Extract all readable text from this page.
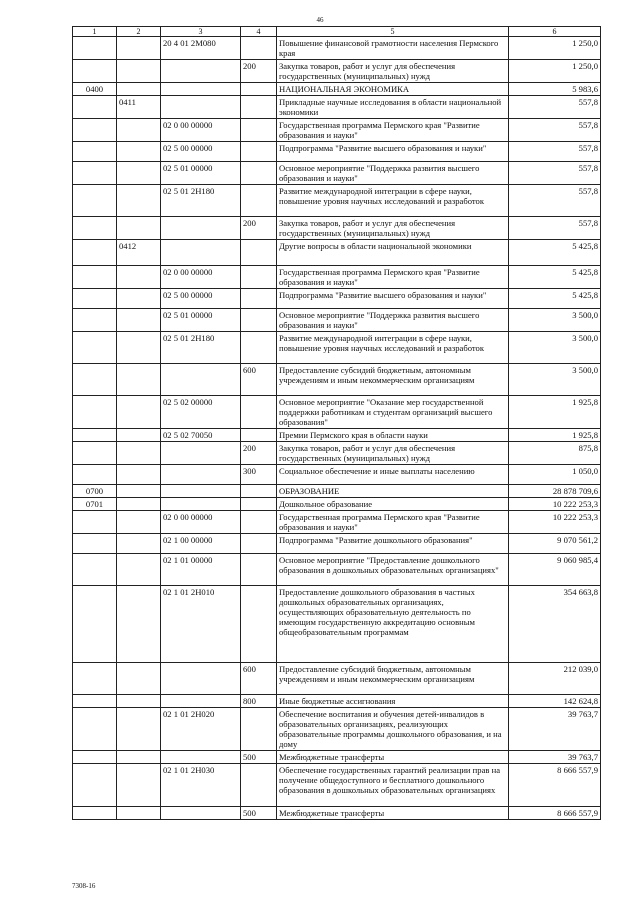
46
1	2	3	4	5	6
		20 4 01 2М080		Повышение финансовой грамотности населения Пермского края	1 250,0
			200	Закупка товаров, работ и услуг для обеспечения государственных (муниципальных) нужд	1 250,0
0400				НАЦИОНАЛЬНАЯ ЭКОНОМИКА	5 983,6
	0411			Прикладные научные исследования в области национальной экономики	557,8
		02 0 00 00000		Государственная программа Пермского края "Развитие образования и науки"	557,8
		02 5 00 00000		Подпрограмма "Развитие высшего образования и науки"	557,8
		02 5 01 00000		Основное мероприятие "Поддержка развития высшего образования и науки"	557,8
		02 5 01 2Н180		Развитие международной интеграции в сфере науки, повышение уровня научных исследований и разработок	557,8
			200	Закупка товаров, работ и услуг для обеспечения государственных (муниципальных) нужд	557,8
	0412			Другие вопросы в области национальной экономики	5 425,8
		02 0 00 00000		Государственная программа Пермского края "Развитие образования и науки"	5 425,8
		02 5 00 00000		Подпрограмма "Развитие высшего образования и науки"	5 425,8
		02 5 01 00000		Основное мероприятие "Поддержка развития высшего образования и науки"	3 500,0
		02 5 01 2Н180		Развитие международной интеграции в сфере науки, повышение уровня научных исследований и разработок	3 500,0
			600	Предоставление субсидий бюджетным, автономным учреждениям и иным некоммерческим организациям	3 500,0
		02 5 02 00000		Основное мероприятие "Оказание мер государственной поддержки работникам и студентам организаций высшего образования"	1 925,8
		02 5 02 70050		Премии Пермского края в области науки	1 925,8
			200	Закупка товаров, работ и услуг для обеспечения государственных (муниципальных) нужд	875,8
			300	Социальное обеспечение и иные выплаты населению	1 050,0
0700				ОБРАЗОВАНИЕ	28 878 709,6
0701				Дошкольное образование	10 222 253,3
		02 0 00 00000		Государственная программа Пермского края "Развитие образования и науки"	10 222 253,3
		02 1 00 00000		Подпрограмма "Развитие дошкольного образования"	9 070 561,2
		02 1 01 00000		Основное мероприятие "Предоставление дошкольного образования в дошкольных образовательных организациях"	9 060 985,4
		02 1 01 2Н010		Предоставление дошкольного образования в частных дошкольных образовательных организациях, осуществляющих образовательную деятельность по имеющим государственную аккредитацию основным общеобразовательным программам	354 663,8
			600	Предоставление субсидий бюджетным, автономным учреждениям и иным некоммерческим организациям	212 039,0
			800	Иные бюджетные ассигнования	142 624,8
		02 1 01 2Н020		Обеспечение воспитания и обучения детей-инвалидов в образовательных организациях, реализующих образовательные программы дошкольного образования, и на дому	39 763,7
			500	Межбюджетные трансферты	39 763,7
		02 1 01 2Н030		Обеспечение государственных гарантий реализации прав на получение общедоступного и бесплатного дошкольного образования в дошкольных образовательных организациях	8 666 557,9
			500	Межбюджетные трансферты	8 666 557,9
7308-16
